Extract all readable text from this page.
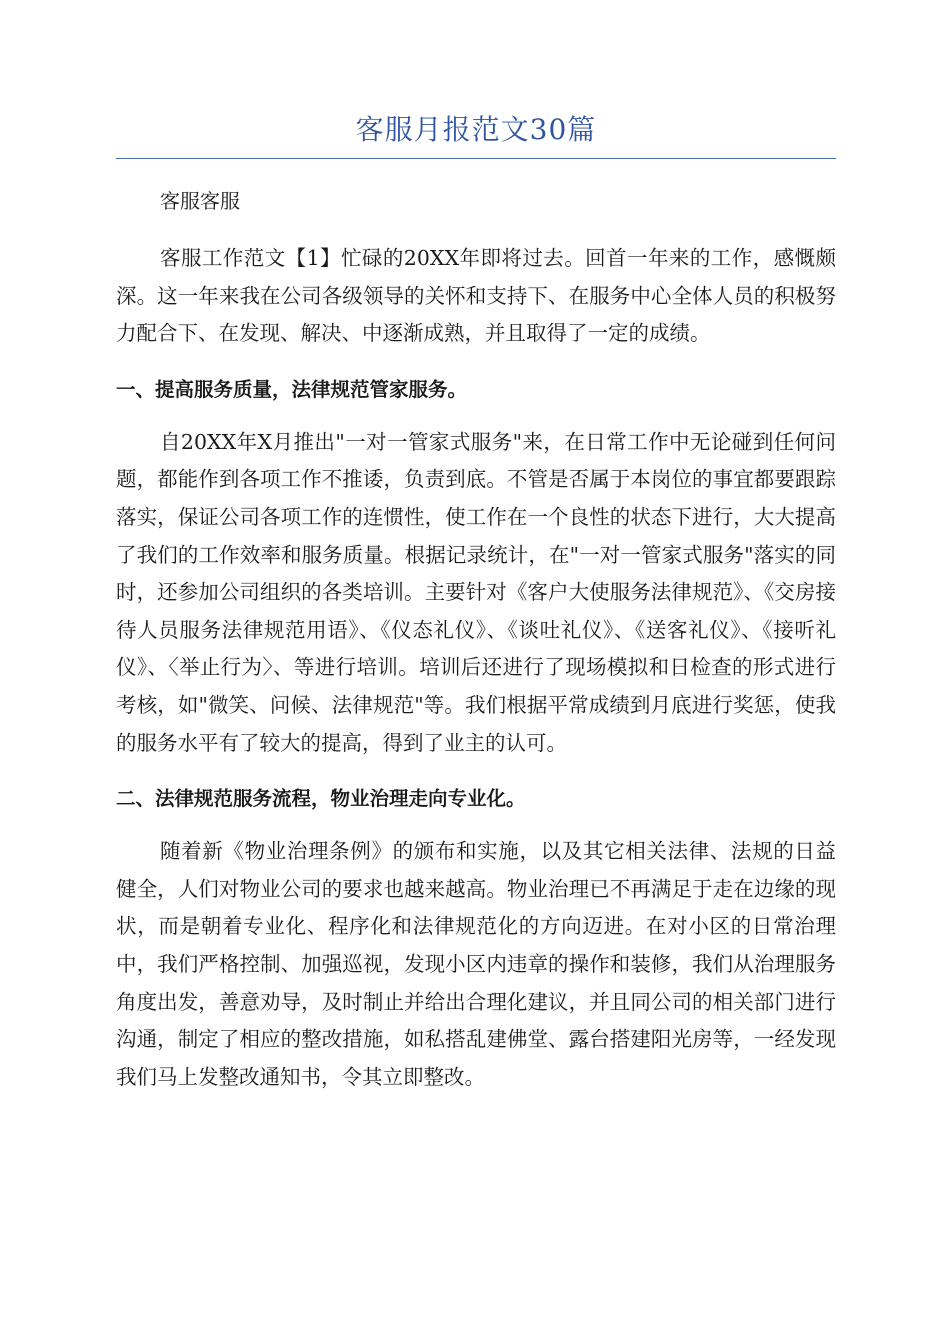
客服月报范文30篇

客服客服

客服工作范文【1】忙碌的20XX年即将过去。回首一年来的工作，感慨颇深。这一年来我在公司各级领导的关怀和支持下、在服务中心全体人员的积极努力配合下、在发现、解决、中逐渐成熟，并且取得了一定的成绩。

一、提高服务质量，法律规范管家服务。

自20XX年X月推出"一对一管家式服务"来，在日常工作中无论碰到任何问题，都能作到各项工作不推诿，负责到底。不管是否属于本岗位的事宜都要跟踪落实，保证公司各项工作的连惯性，使工作在一个良性的状态下进行，大大提高了我们的工作效率和服务质量。根据记录统计，在"一对一管家式服务"落实的同时，还参加公司组织的各类培训。主要针对《客户大使服务法律规范》、《交房接待人员服务法律规范用语》、《仪态礼仪》、《谈吐礼仪》、《送客礼仪》、《接听礼仪》、〈举止行为〉、等进行培训。培训后还进行了现场模拟和日检查的形式进行考核，如"微笑、问候、法律规范"等。我们根据平常成绩到月底进行奖惩，使我的服务水平有了较大的提高，得到了业主的认可。

二、法律规范服务流程，物业治理走向专业化。

随着新《物业治理条例》的颁布和实施，以及其它相关法律、法规的日益健全，人们对物业公司的要求也越来越高。物业治理已不再满足于走在边缘的现状，而是朝着专业化、程序化和法律规范化的方向迈进。在对小区的日常治理中，我们严格控制、加强巡视，发现小区内违章的操作和装修，我们从治理服务角度出发，善意劝导，及时制止并给出合理化建议，并且同公司的相关部门进行沟通，制定了相应的整改措施，如私搭乱建佛堂、露台搭建阳光房等，一经发现我们马上发整改通知书，令其立即整改。
